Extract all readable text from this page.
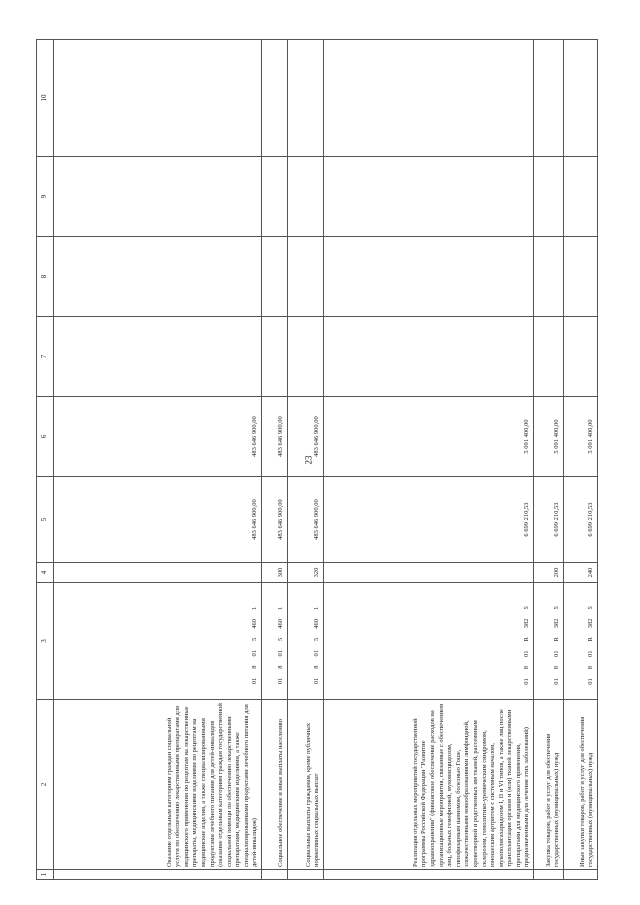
23
1	2	3	4	5	6	7	8	9	10
	Оказание отдельным категориям граждан социальной услуги по обеспечению лекарственными препаратами для медицинского применения по рецептам на лекарственные препараты, медицинскими изделиями по рецептам на медицинские изделия, а также специализированными продуктами лечебного питания для детей-инвалидов (оказание отдельным категориям граждан государственной социальной помощи по обеспечению лекарственными препаратами, медицинскими изделиями, а также специализированными продуктами лечебного питания для детей-инвалидов)	0180154601		483 646 900,00	483 646 900,00				
	Социальное обеспечение и иные выплаты населению	0180154601	300	483 646 900,00	483 646 900,00				
	Социальные выплаты гражданам, кроме публичных нормативных социальных выплат	0180154601	320	483 646 900,00	483 646 900,00				
	Реализация отдельных мероприятий государственной программы Российской Федерации "Развитие здравоохранения" (финансовое обеспечение расходов на организационные мероприятия, связанные с обеспечением лиц, больных гемофилией, муковисцидозом, гипофизарным нанизмом, болезнью Гоше, злокачественными новообразованиями лимфоидной, кроветворной и родственных им тканей, рассеянным склерозом, гемолитико-уремическим синдромом, юношеским артритом с системным началом, мукополисахаридозом I, II и VI типов, а также лиц после трансплантации органов и (или) тканей лекарственными препаратами для медицинского применения, предназначенными для лечения этих заболеваний)	01801R3825		6 699 210,53	5 091 400,00				
	Закупка товаров, работ и услуг для обеспечения государственных (муниципальных) нужд	01801R3825	200	6 699 210,53	5 091 400,00				
	Иные закупки товаров, работ и услуг для обеспечения государственных (муниципальных) нужд	01801R3825	240	6 699 210,53	5 091 400,00				
